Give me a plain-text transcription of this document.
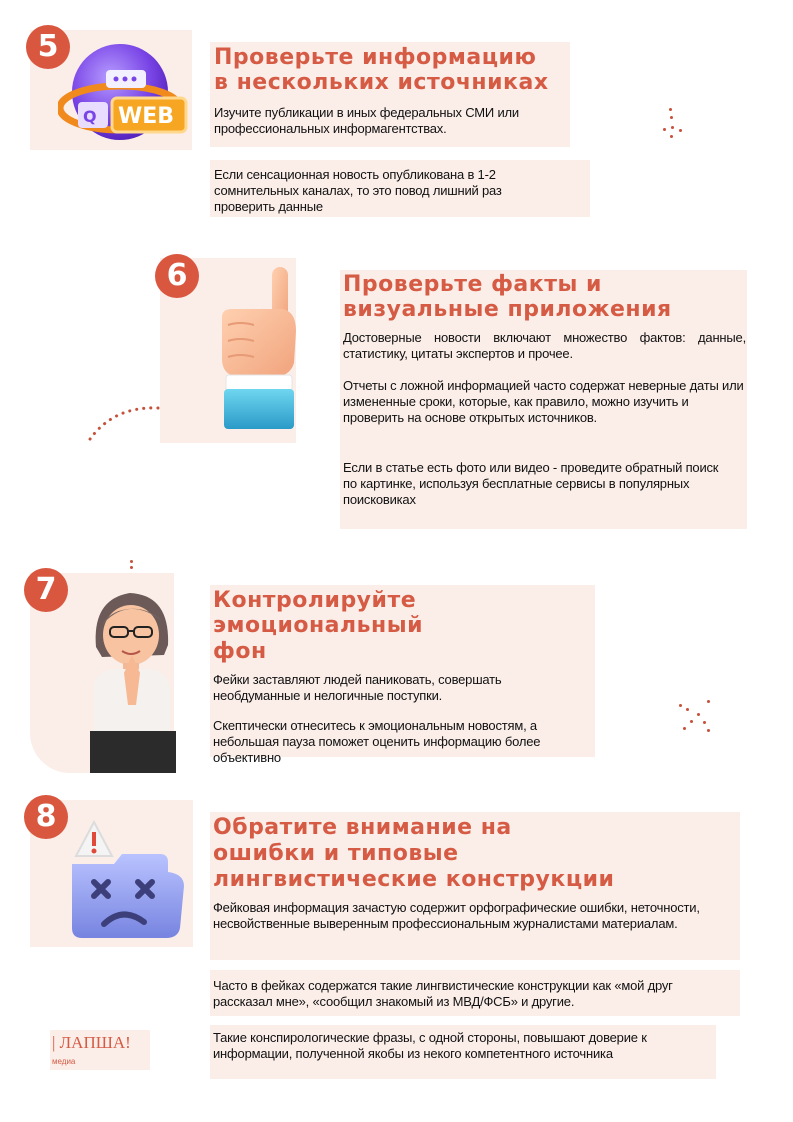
5
Q WEB
Проверьте информацию
в нескольких источниках

Изучите публикации в иных федеральных СМИ или профессиональных информагентствах.

Если сенсационная новость опубликована в 1-2 сомнительных каналах, то это повод лишний раз проверить данные

6	Проверьте факты и
визуальные приложения

Достоверные новости включают множество фактов: данные, статистику, цитаты экспертов и прочее.

Отчеты с ложной информацией часто содержат неверные даты или измененные сроки, которые, как правило, можно изучить и проверить на основе открытых источников.

Если в статье есть фото или видео - проведите обратный поиск по картинке, используя бесплатные сервисы в популярных поисковиках

7	Контролируйте
эмоциональный
фон

Фейки заставляют людей паниковать, совершать необдуманные и нелогичные поступки.

Скептически отнеситесь к эмоциональным новостям, а небольшая пауза поможет оценить информацию более объективно

8	Обратите внимание на
ошибки и типовые
лингвистические конструкции

Фейковая информация зачастую содержит орфографические ошибки, неточности, несвойственные выверенным профессиональным журналистами материалам.

Часто в фейках содержатся такие лингвистические конструкции как «мой друг рассказал мне», «сообщил знакомый из МВД/ФСБ» и другие.

Такие конспирологические фразы, с одной стороны, повышают доверие к информации, полученной якобы из некого компетентного источника

| ЛАПША!
медиа
